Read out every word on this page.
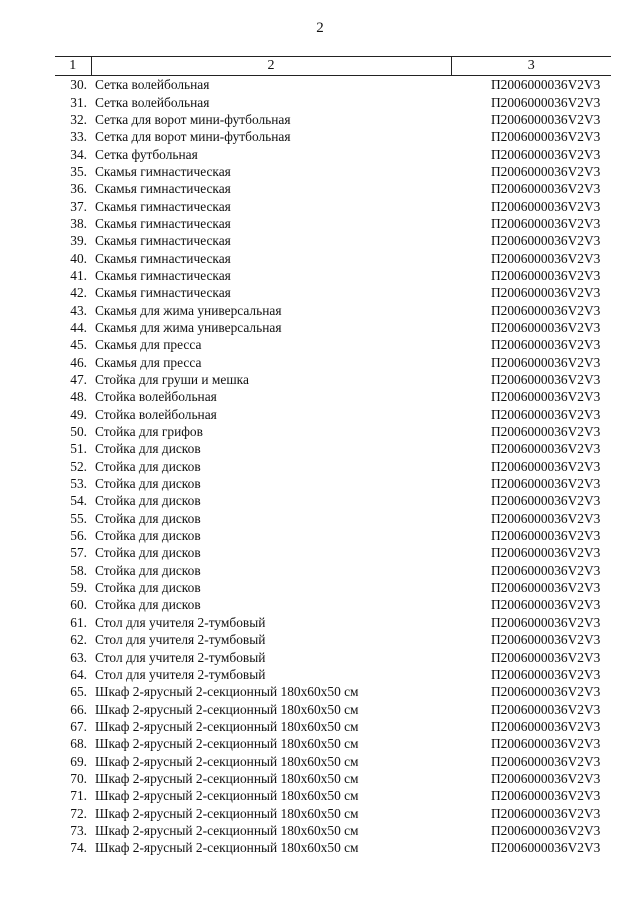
2
1	2	3
30.	Сетка волейбольная	П2006000036V2V3
31.	Сетка волейбольная	П2006000036V2V3
32.	Сетка для ворот мини-футбольная	П2006000036V2V3
33.	Сетка для ворот мини-футбольная	П2006000036V2V3
34.	Сетка футбольная	П2006000036V2V3
35.	Скамья гимнастическая	П2006000036V2V3
36.	Скамья гимнастическая	П2006000036V2V3
37.	Скамья гимнастическая	П2006000036V2V3
38.	Скамья гимнастическая	П2006000036V2V3
39.	Скамья гимнастическая	П2006000036V2V3
40.	Скамья гимнастическая	П2006000036V2V3
41.	Скамья гимнастическая	П2006000036V2V3
42.	Скамья гимнастическая	П2006000036V2V3
43.	Скамья для жима универсальная	П2006000036V2V3
44.	Скамья для жима универсальная	П2006000036V2V3
45.	Скамья для пресса	П2006000036V2V3
46.	Скамья для пресса	П2006000036V2V3
47.	Стойка для груши и мешка	П2006000036V2V3
48.	Стойка волейбольная	П2006000036V2V3
49.	Стойка волейбольная	П2006000036V2V3
50.	Стойка для грифов	П2006000036V2V3
51.	Стойка для дисков	П2006000036V2V3
52.	Стойка для дисков	П2006000036V2V3
53.	Стойка для дисков	П2006000036V2V3
54.	Стойка для дисков	П2006000036V2V3
55.	Стойка для дисков	П2006000036V2V3
56.	Стойка для дисков	П2006000036V2V3
57.	Стойка для дисков	П2006000036V2V3
58.	Стойка для дисков	П2006000036V2V3
59.	Стойка для дисков	П2006000036V2V3
60.	Стойка для дисков	П2006000036V2V3
61.	Стол для учителя 2-тумбовый	П2006000036V2V3
62.	Стол для учителя 2-тумбовый	П2006000036V2V3
63.	Стол для учителя 2-тумбовый	П2006000036V2V3
64.	Стол для учителя 2-тумбовый	П2006000036V2V3
65.	Шкаф 2-ярусный 2-секционный 180х60х50 см	П2006000036V2V3
66.	Шкаф 2-ярусный 2-секционный 180х60х50 см	П2006000036V2V3
67.	Шкаф 2-ярусный 2-секционный 180х60х50 см	П2006000036V2V3
68.	Шкаф 2-ярусный 2-секционный 180х60х50 см	П2006000036V2V3
69.	Шкаф 2-ярусный 2-секционный 180х60х50 см	П2006000036V2V3
70.	Шкаф 2-ярусный 2-секционный 180х60х50 см	П2006000036V2V3
71.	Шкаф 2-ярусный 2-секционный 180х60х50 см	П2006000036V2V3
72.	Шкаф 2-ярусный 2-секционный 180х60х50 см	П2006000036V2V3
73.	Шкаф 2-ярусный 2-секционный 180х60х50 см	П2006000036V2V3
74.	Шкаф 2-ярусный 2-секционный 180х60х50 см	П2006000036V2V3
